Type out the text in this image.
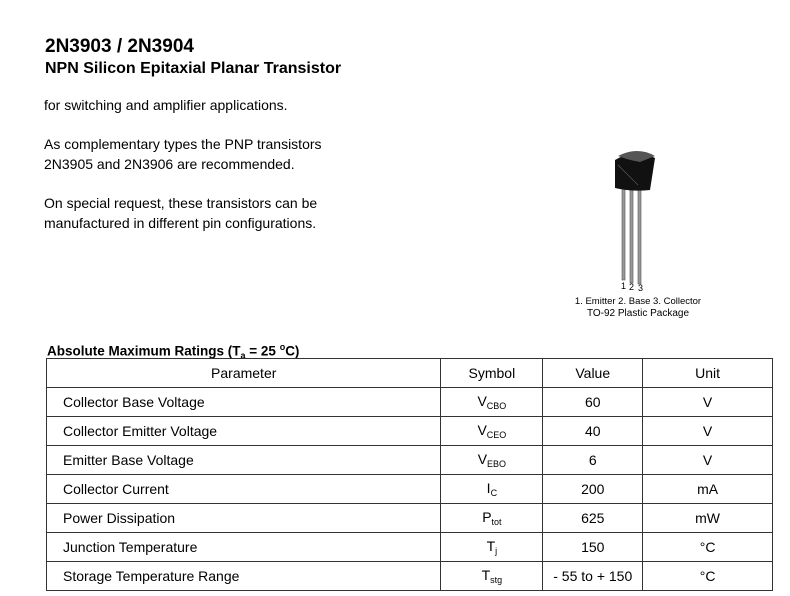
2N3903 / 2N3904
NPN Silicon Epitaxial Planar Transistor
for switching and amplifier applications.
As complementary types the PNP transistors
2N3905 and 2N3906 are recommended.
On special request, these transistors can be
manufactured in different pin configurations.
1 2 3
1. Emitter 2. Base 3. Collector
TO-92 Plastic Package
Absolute Maximum Ratings ($T_a = 25$ $^o$C)
Parameter	Symbol	Value	Unit
Collector Base Voltage	$V_{CBO}$	60	V
Collector Emitter Voltage	$V_{CEO}$	40	V
Emitter Base Voltage	$V_{EBO}$	6	V
Collector Current	$I_C$	200	mA
Power Dissipation	$P_{tot}$	625	mW
Junction Temperature	$T_j$	150	°C
Storage Temperature Range	$T_{stg}$	- 55 to + 150	°C
